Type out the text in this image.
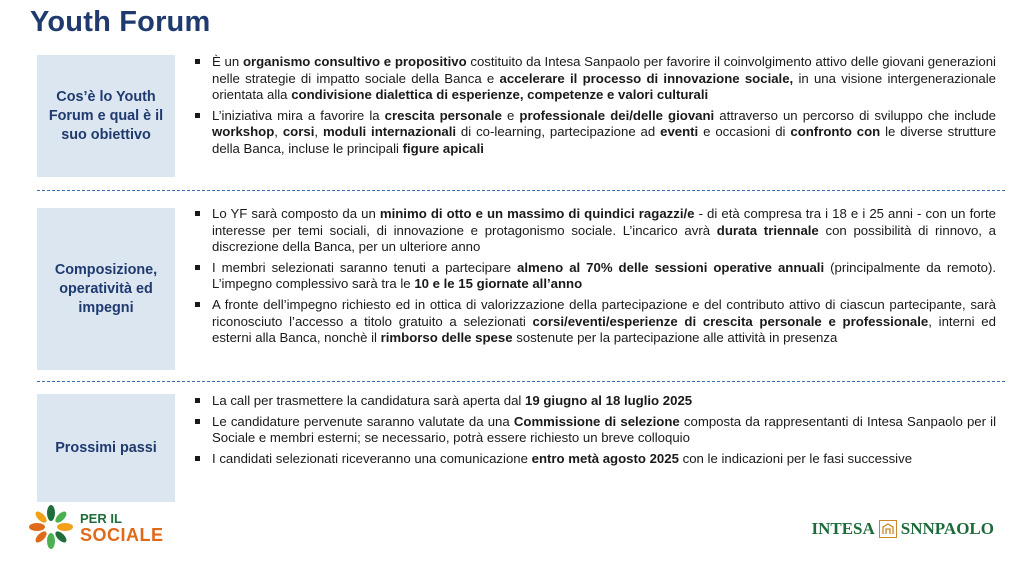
Youth Forum
Cos’è lo Youth Forum e qual è il suo obiettivo
È un organismo consultivo e propositivo costituito da Intesa Sanpaolo per favorire il coinvolgimento attivo delle giovani generazioni nelle strategie di impatto sociale della Banca e accelerare il processo di innovazione sociale, in una visione intergenerazionale orientata alla condivisione dialettica di esperienze, competenze e valori culturali
L’iniziativa mira a favorire la crescita personale e professionale dei/delle giovani attraverso un percorso di sviluppo che include workshop, corsi, moduli internazionali di co-learning, partecipazione ad eventi e occasioni di confronto con le diverse strutture della Banca, incluse le principali figure apicali
Composizione, operatività ed impegni
Lo YF sarà composto da un minimo di otto e un massimo di quindici ragazzi/e - di età compresa tra i 18 e i 25 anni - con un forte interesse per temi sociali, di innovazione e protagonismo sociale. L’incarico avrà durata triennale con possibilità di rinnovo, a discrezione della Banca, per un ulteriore anno
I membri selezionati saranno tenuti a partecipare almeno al 70% delle sessioni operative annuali (principalmente da remoto). L’impegno complessivo sarà tra le 10 e le 15 giornate all’anno
A fronte dell’impegno richiesto ed in ottica di valorizzazione della partecipazione e del contributo attivo di ciascun partecipante, sarà riconosciuto l’accesso a titolo gratuito a selezionati corsi/eventi/esperienze di crescita personale e professionale, interni ed esterni alla Banca, nonchè il rimborso delle spese sostenute per la partecipazione alle attività in presenza
Prossimi passi
La call per trasmettere la candidatura sarà aperta dal 19 giugno al 18 luglio 2025
Le candidature pervenute saranno valutate da una Commissione di selezione composta da rappresentanti di Intesa Sanpaolo per il Sociale e membri esterni; se necessario, potrà essere richiesto un breve colloquio
I candidati selezionati riceveranno una comunicazione entro metà agosto 2025 con le indicazioni per le fasi successive
PER IL
SOCIALE	INTESA SNNPAOLO
